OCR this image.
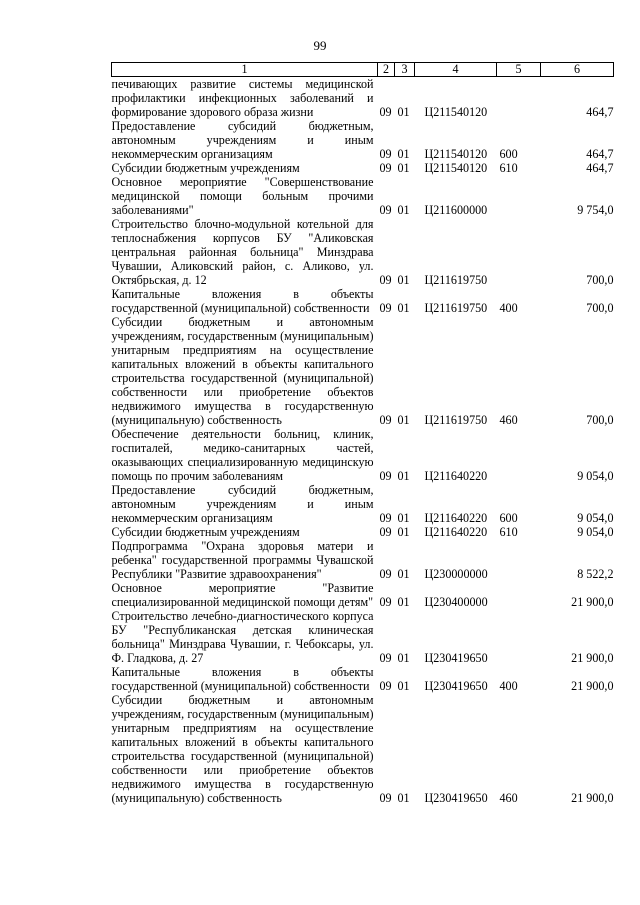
99
1	2	3	4	5	6
печивающих развитие системы медицинской профилактики инфекционных заболеваний и формирование здорового образа жизни	09	01	Ц211540120		464,7
Предоставление субсидий бюджетным, автономным учреждениям и иным некоммерческим организациям	09	01	Ц211540120	600	464,7
Субсидии бюджетным учреждениям	09	01	Ц211540120	610	464,7
Основное мероприятие "Совершенствование медицинской помощи больным прочими заболеваниями"	09	01	Ц211600000		9 754,0
Строительство блочно-модульной котельной для теплоснабжения корпусов БУ "Аликовская центральная районная больница" Минздрава Чувашии, Аликовский район, с. Аликово, ул. Октябрьская, д. 12	09	01	Ц211619750		700,0
Капитальные вложения в объекты государственной (муниципальной) собственности	09	01	Ц211619750	400	700,0
Субсидии бюджетным и автономным учреждениям, государственным (муниципальным) унитарным предприятиям на осуществление капитальных вложений в объекты капитального строительства государственной (муниципальной) собственности или приобретение объектов недвижимого имущества в государственную (муниципальную) собственность	09	01	Ц211619750	460	700,0
Обеспечение деятельности больниц, клиник, госпиталей, медико-санитарных частей, оказывающих специализированную медицинскую помощь по прочим заболеваниям	09	01	Ц211640220		9 054,0
Предоставление субсидий бюджетным, автономным учреждениям и иным некоммерческим организациям	09	01	Ц211640220	600	9 054,0
Субсидии бюджетным учреждениям	09	01	Ц211640220	610	9 054,0
Подпрограмма "Охрана здоровья матери и ребенка" государственной программы Чувашской Республики "Развитие здравоохранения"	09	01	Ц230000000		8 522,2
Основное мероприятие "Развитие специализированной медицинской помощи детям"	09	01	Ц230400000		21 900,0
Строительство лечебно-диагностического корпуса БУ "Республиканская детская клиническая больница" Минздрава Чувашии, г. Чебоксары, ул. Ф. Гладкова, д. 27	09	01	Ц230419650		21 900,0
Капитальные вложения в объекты государственной (муниципальной) собственности	09	01	Ц230419650	400	21 900,0
Субсидии бюджетным и автономным учреждениям, государственным (муниципальным) унитарным предприятиям на осуществление капитальных вложений в объекты капитального строительства государственной (муниципальной) собственности или приобретение объектов недвижимого имущества в государственную (муниципальную) собственность	09	01	Ц230419650	460	21 900,0
